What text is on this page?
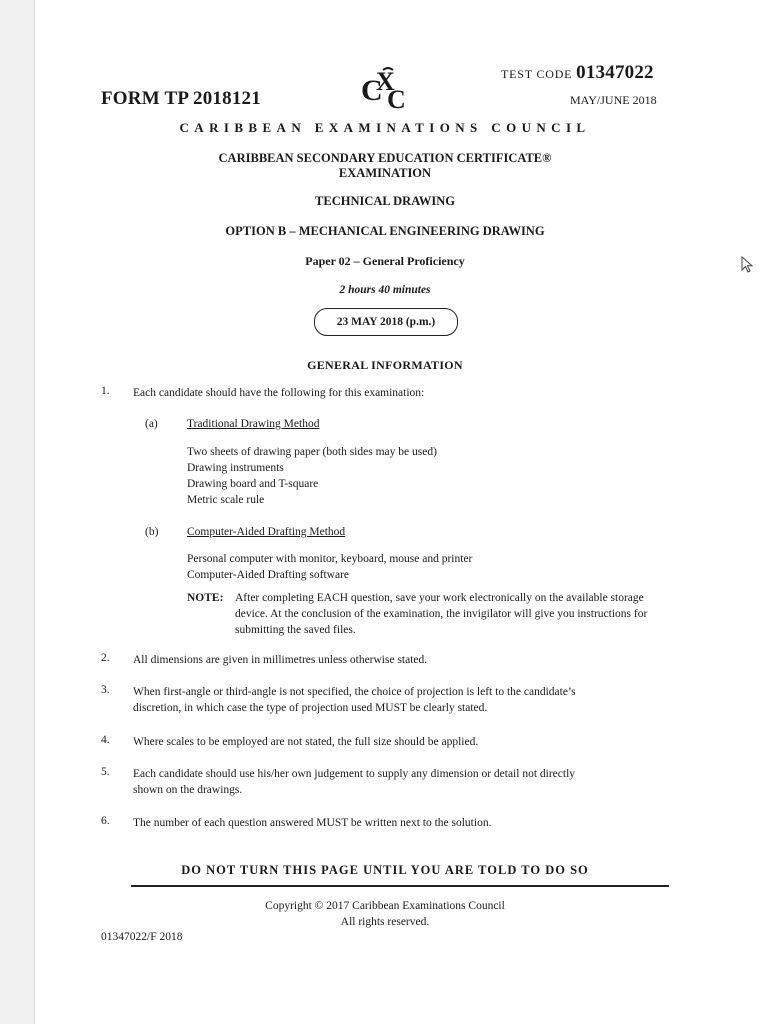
FORM TP 2018121	C
X
C
TEST CODE 01347022
MAY/JUNE 2018
CARIBBEAN EXAMINATIONS COUNCIL
CARIBBEAN SECONDARY EDUCATION CERTIFICATE®
EXAMINATION
TECHNICAL DRAWING
OPTION B – MECHANICAL ENGINEERING DRAWING
Paper 02 – General Proficiency
2 hours 40 minutes
23 MAY 2018 (p.m.)
GENERAL INFORMATION
1. Each candidate should have the following for this examination:
(a)	Traditional Drawing Method
Two sheets of drawing paper (both sides may be used)
Drawing instruments
Drawing board and T-square
Metric scale rule
(b) Computer-Aided Drafting Method
Personal computer with monitor, keyboard, mouse and printer
Computer-Aided Drafting software
NOTE: After completing EACH question, save your work electronically on the available storage device. At the conclusion of the examination, the invigilator will give you instructions for submitting the saved files.
2. All dimensions are given in millimetres unless otherwise stated.
3. When first-angle or third-angle is not specified, the choice of projection is left to the candidate’s
discretion, in which case the type of projection used MUST be clearly stated.
4. Where scales to be employed are not stated, the full size should be applied.
5. Each candidate should use his/her own judgement to supply any dimension or detail not directly
shown on the drawings.
6. The number of each question answered MUST be written next to the solution.
DO NOT TURN THIS PAGE UNTIL YOU ARE TOLD TO DO SO
Copyright © 2017 Caribbean Examinations Council
All rights reserved.
01347022/F 2018
